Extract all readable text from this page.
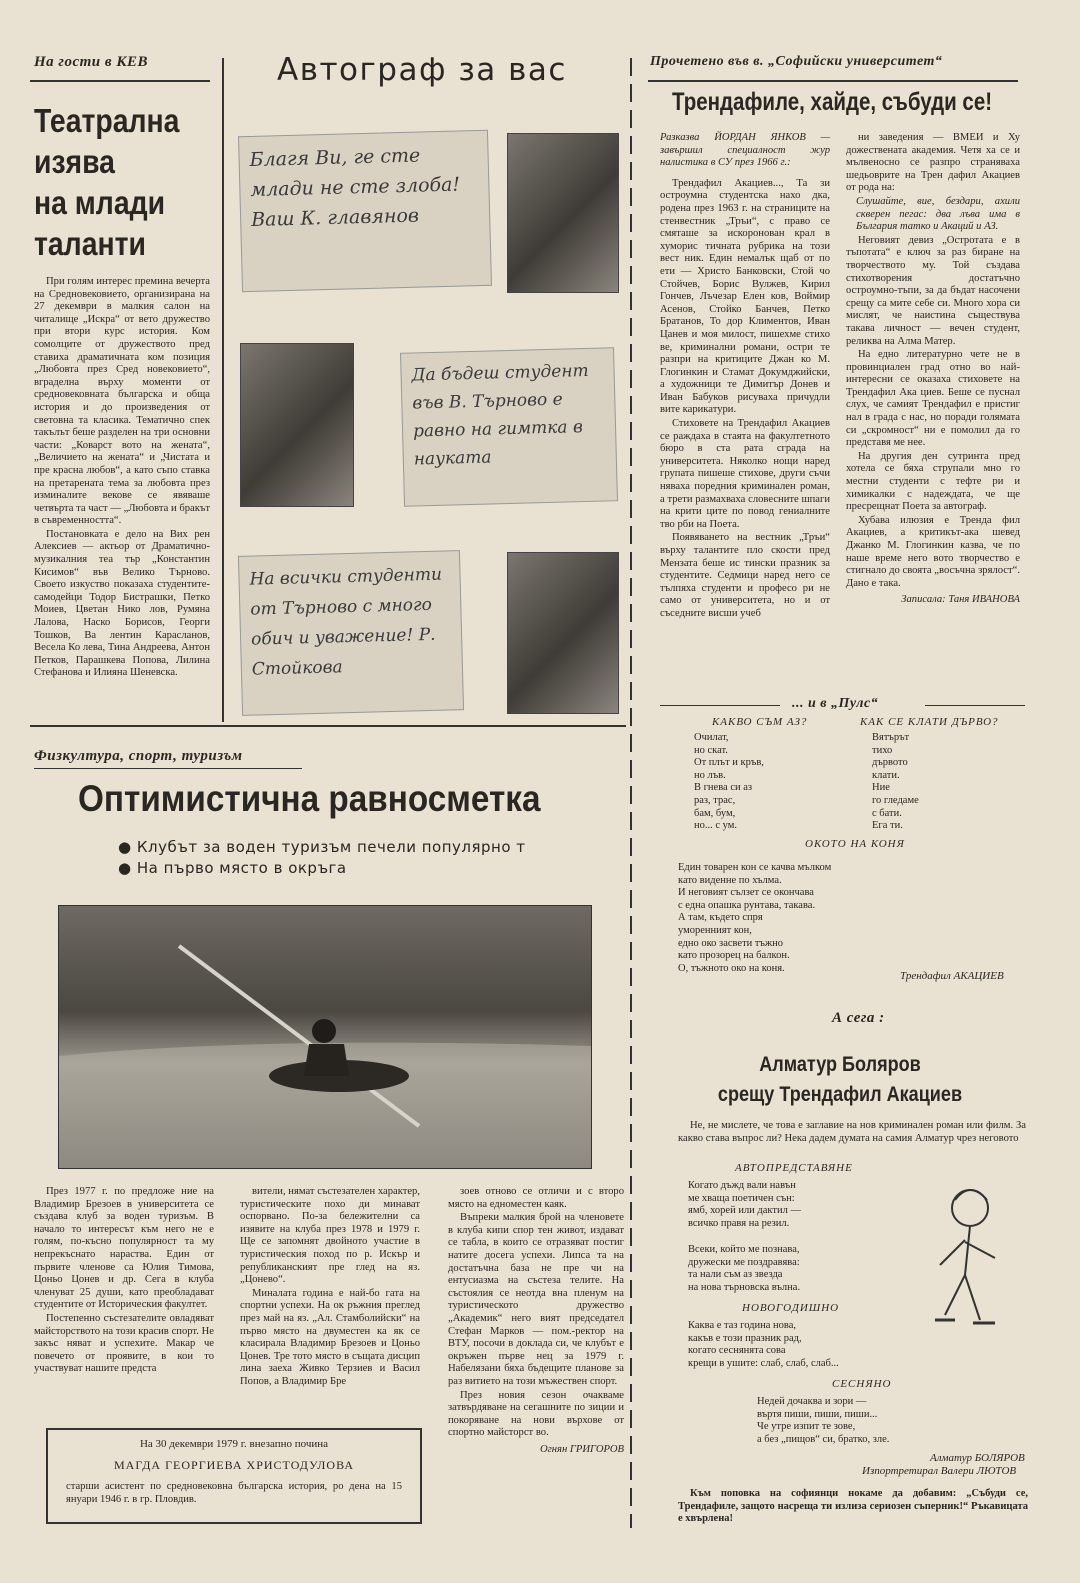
На гости в КЕВ
Театрална
изява
на млади
таланти

При голям интерес премина вечерта на Средновековието, организирана на 27 декември в малкия салон на читалище „Искра“ от вето дружество при втори курс история. Ком сомолците от дружеството пред ставиха драматичната ком позиция „Любовта през Сред новековието“, вграделна върху моменти от средновековната българска и обща история и до произведения от световна та класика. Тематично спек такълът беше разделен на три основни части: „Коварст вото на жената“, „Величието на жената“ и „Чистата и пре красна любов“, а като съпо ставка на претарената тема за любовта през изминалите векове се явяваше четвърта та част — „Любовта и бракът в съвременността“.

Постановката е дело на Вих рен Алексиев — актьор от Драматично-музикалния теа тър „Константин Кисимов“ във Велико Търново. Своето изкуство показаха студентите-самодейци Тодор Бистрашки, Петко Моиев, Цветан Нико лов, Румяна Лалова, Наско Борисов, Георги Тошков, Ва лентин Карасланов, Весела Ко лева, Тина Андреева, Антон Петков, Парашкева Попова, Лилина Стефанова и Илияна Шеневска.

Автограф за вас
Благя Ви, ге сте млади не сте злоба! Ваш К. главянов
Да бъдеш студент във В. Търново е равно на гимтка в науката
На всички студенти от Търново с много обич и уважение! Р. Стойкова
Прочетено във в. „Софийски университет“
Трендафиле, хайде, събуди се!

Разказва ЙОРДАН ЯНКОВ — завършил специалност жур налистика в СУ през 1966 г.:

Трендафил Акациев..., Та зи остроумна студентска нахо дка, родена през 1963 г. на страниците на стенвестник „Тръи“, с право се смяташе за искоронован крал в хумориc тичната рубрика на този вест ник. Един немалък щаб от по ети — Христо Банковски, Стой чо Стойчев, Борис Вулжев, Кирил Гончев, Лъчезар Елен ков, Воймир Асенов, Стойко Банчев, Петко Братанов, То дор Климентов, Иван Цанев и моя милост, пишехме стихо ве, криминални романи, остри те разпри на критиците Джан ко М. Глогинкин и Стамат Докумджийски, а художници те Димитър Донев и Иван Бабуков рисуваха причудли вите карикатури.

Стиховете на Трендафил Акациев се раждаха в стаята на факултетното бюро в ста рата сграда на университета. Няколко нощи наред групата пишеше стихове, други съчи няваха поредния криминален роман, а трети размахваха словесните шпаги на крити ците по повод гениалните тво рби на Поета.

Появяването на вестник „Тръи“ върху талантите пло скости пред Мензата беше ис тински празник за студентите. Седмици наред него се тълпяха студенти и професо ри не само от университета, но и от съседните висши учеб

ни заведения — ВМЕИ и Ху дожествената академия. Четя ха се и мълвенoсно се разпро страняваха шедьоврите на Трен дафил Акациев от рода на:

Слушайте, вие, бездари, ахили скверен пегас: два лъва има в България татко и Акаций и АЗ.

Неговият девиз „Остротата е в тъпотата“ е ключ за раз биране на творчеството му. Той създава стихотворения достатъчно остроумно-тъпи, за да бъдат насочени срещу са мите себе си. Много хора си мислят, че наистина съществува такава личност — вечен студент, реликва на Алма Матер.

На едно литературно чете не в провинциален град отно во най-интересни се оказаха стиховете на Трендафил Ака циев. Беше се пуснал слух, че самият Трендафил е пристиг нал в града с нас, но поради голямата си „скромност“ ни е помолил да го представя ме нее.

На другия ден сутринта пред хотела се бяха струпали мно го местни студенти с тефте ри и химикалки с надеждата, че ще пресрещнат Поета за автограф.

Хубава илюзия е Тренда фил Акациев, а критикът-ака шевед Джанко М. Глогинкин казва, че по наше време него вото творчество е стигнало до своята „восъчна зрялост“. Дано е така.

Записала: Таня ИВАНОВА

... и в „Пулс“
КАКВО СЪМ АЗ?
Очилат,
но скат.
От плът и кръв,
но лъв.
В гнева си аз
раз, трас,
бам, бум,
но... с ум.
КАК СЕ КЛАТИ ДЪРВО?
Вятърът
тихо
дървото
клати.
Ние
го гледаме
с бати.
Ега ти.
ОКОТО НА КОНЯ
Един товарен кон се качва мълком
като виденне по хълма.
И неговият сълзет се окончава
с една опашка рунтава, такава.
А там, където спря
уморенният кон,
едно око засвети тъжно
като прозорец на балкон.
О, тъжното око на коня.
Трендафил АКАЦИЕВ
А сега :
Алматур Боляров
срещу Трендафил Акациев

Не, не мислете, че това е заглавие на нов криминален роман или филм. За какво става въпрос ли? Нека дадем думата на самия Алматур чрез неговото

АВТОПРЕДСТАВЯНЕ
Когато дъжд вали навън
ме хваща поетичен сън:
ямб, хорей или дактил —
всичко правя на резил.
Всеки, който ме познава,
дружески ме поздравява:
та нали съм аз звезда
на нова търновска вълна.
НОВОГОДИШНО
Каква е таз година нова,
какъв е този празник рад,
когато сеснянята сова
крещи в ушите: слаб, слаб, слаб...
СЕСНЯНО
Недей дочаква и зори —
въртя пиши, пиши, пиши...
Че утре изпит те зове,
а без „пищов“ си, братко, зле.
Алматур БОЛЯРОВ
Изпортретирал Валери ЛЮТОВ

Към поповка на софиянци нокаме да добавим: „Събуди се, Трендафиле, защото насреща ти излиза сериозен съперник!“ Ръкавицата е хвърлена!

Физкултура, спорт, туризъм
Оптимистична равносметка
● Клубът за воден туризъм печели популярно т
● На първо място в окръга

През 1977 г. по предложе ние на Владимир Брезоев в университета се създава клуб за воден туризъм. В начало то интересът към него не е голям, по-късно популярност та му непрекъснато нараства. Един от първите членове са Юлия Тимова, Цоньо Цонев и др. Сега в клуба членуват 25 души, като преобладават студентите от Историческия факултет.

Постепенно състезателите овладяват майсторството на този красив спорт. Не закъс няват и успехите. Макар че повечето от проявите, в кои то участвуват нашите предста

вители, нямат състезателен характер, туристическите похо ди минават оспорвано. По-за бележителни са изявите на клуба през 1978 и 1979 г. Ще се запомнят двойното участие в туристическия поход по р. Искър и републиканският пре глед на яз. „Цонево“.

Миналата година е най-бо гата на спортни успехи. На ок ръжния преглед през май на яз. „Ал. Стамболийски“ на първо място на двуместен ка як се класирала Владимир Брезоев и Цоньо Цонев. Тре тото място в същата дисцип лина заеха Живко Терзиев и Васил Попов, а Владимир Бре

зоев отново се отличи и с второ място на едноместен каяк.

Въпреки малкия брой на членовете в клуба кипи спор тен живот, издават се табла, в които се отразяват постиг натите досега успехи. Липса та на достатъчна база не пре чи на ентусиазма на състеза телите. На състоялия се неотда вна пленум на туристическото дружество „Академик“ него вият председател Стефан Марков — пом.-ректор на ВТУ, посочи в доклада си, че клубът е окръжен първе нец за 1979 г. Набелязани бяха бъдещите планове за раз витието на този мъжествен спорт.

През новия сезон очакваме затвърдяване на сегашните по зиции и покоряване на нови върхове от спортно майсторст во.

Огнян ГРИГОРОВ

На 30 декември 1979 г. внезапно почина
МАГДА ГЕОРГИЕВА ХРИСТОДУЛОВА
старши асистент по средновековна българска история, ро дена на 15 януари 1946 г. в гр. Пловдив.
